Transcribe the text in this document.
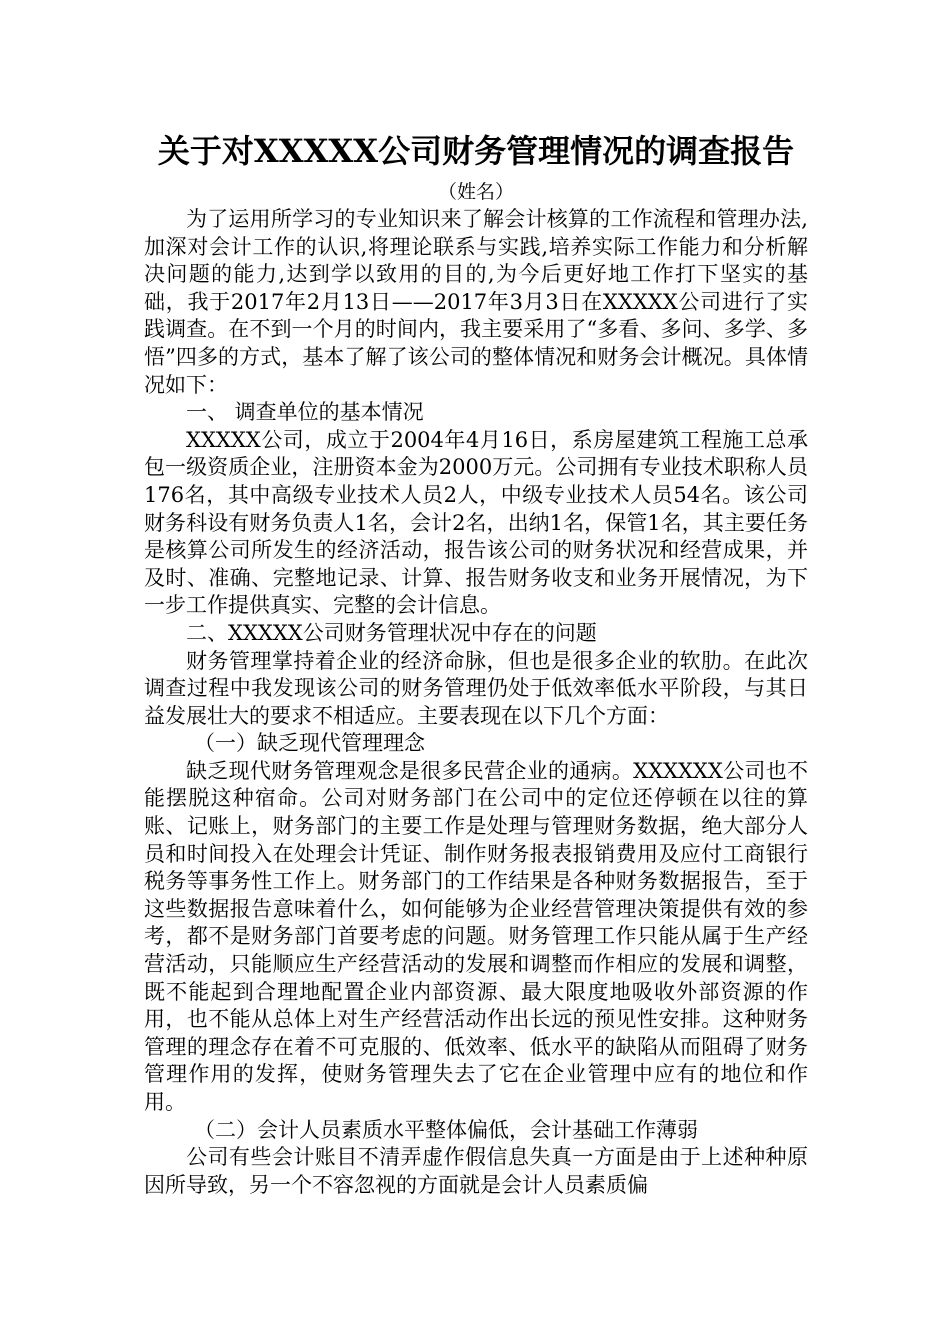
关于对XXXXX公司财务管理情况的调查报告

（姓名）

为了运用所学习的专业知识来了解会计核算的工作流程和管理办法,加深对会计工作的认识,将理论联系与实践,培养实际工作能力和分析解决问题的能力,达到学以致用的目的,为今后更好地工作打下坚实的基础，我于2017年2月13日——2017年3月3日在XXXXX公司进行了实践调查。在不到一个月的时间内，我主要采用了“多看、多问、多学、多悟”四多的方式，基本了解了该公司的整体情况和财务会计概况。具体情况如下：

一、 调查单位的基本情况

XXXXX公司，成立于2004年4月16日，系房屋建筑工程施工总承包一级资质企业，注册资本金为2000万元。公司拥有专业技术职称人员176名，其中高级专业技术人员2人，中级专业技术人员54名。该公司财务科设有财务负责人1名，会计2名，出纳1名，保管1名，其主要任务是核算公司所发生的经济活动，报告该公司的财务状况和经营成果，并及时、准确、完整地记录、计算、报告财务收支和业务开展情况，为下一步工作提供真实、完整的会计信息。

二、XXXXX公司财务管理状况中存在的问题

财务管理掌持着企业的经济命脉，但也是很多企业的软肋。在此次调查过程中我发现该公司的财务管理仍处于低效率低水平阶段，与其日益发展壮大的要求不相适应。主要表现在以下几个方面：

（一）缺乏现代管理理念

缺乏现代财务管理观念是很多民营企业的通病。XXXXXX公司也不能摆脱这种宿命。公司对财务部门在公司中的定位还停顿在以往的算账、记账上，财务部门的主要工作是处理与管理财务数据，绝大部分人员和时间投入在处理会计凭证、制作财务报表报销费用及应付工商银行税务等事务性工作上。财务部门的工作结果是各种财务数据报告，至于这些数据报告意味着什么，如何能够为企业经营管理决策提供有效的参考，都不是财务部门首要考虑的问题。财务管理工作只能从属于生产经营活动，只能顺应生产经营活动的发展和调整而作相应的发展和调整，既不能起到合理地配置企业内部资源、最大限度地吸收外部资源的作用，也不能从总体上对生产经营活动作出长远的预见性安排。这种财务管理的理念存在着不可克服的、低效率、低水平的缺陷从而阻碍了财务管理作用的发挥，使财务管理失去了它在企业管理中应有的地位和作用。

（二）会计人员素质水平整体偏低，会计基础工作薄弱

公司有些会计账目不清弄虚作假信息失真一方面是由于上述种种原因所导致，另一个不容忽视的方面就是会计人员素质偏
